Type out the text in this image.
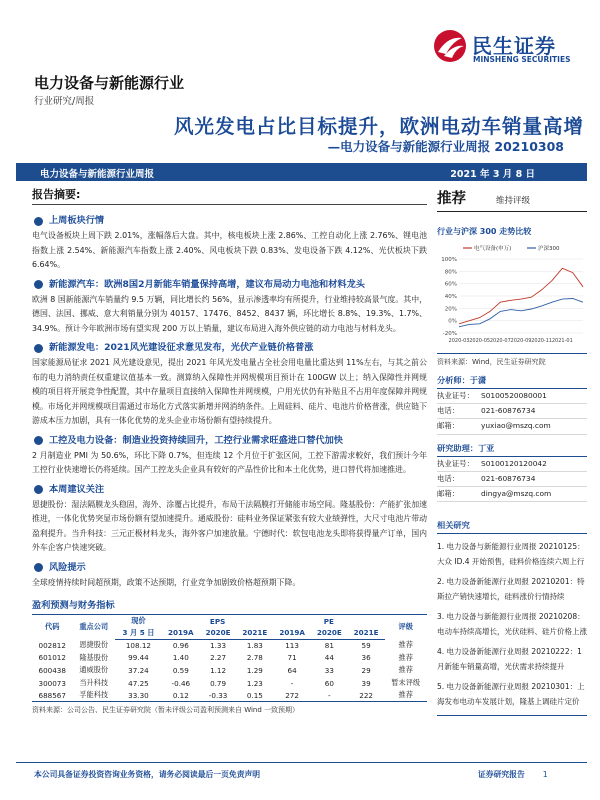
民生证券
MINSHENG SECURITIES
电力设备与新能源行业
行业研究/周报
风光发电占比目标提升，欧洲电动车销量高增
—电力设备与新能源行业周报 20210308
电力设备与新能源行业周报	2021 年 3 月 8 日
报告摘要:
上周板块行情
电气设备板块上周下跌 2.01%，涨幅落后大盘。其中，核电板块上涨 2.86%、工控自动化上涨 2.76%、锂电池指数上涨 2.54%、新能源汽车指数上涨 2.40%、风电板块下跌 0.83%、发电设备下跌 4.12%、光伏板块下跌 6.64%。
新能源汽车：欧洲8国2月新能车销量保持高增，建议布局动力电池和材料龙头
欧洲 8 国新能源汽车销量约 9.5 万辆，同比增长约 56%，显示渗透率均有所提升，行业维持较高景气度。其中，德国、法国、挪威、意大利销量分别为 40157、17476、8452、8437 辆，环比增长 8.8%、19.3%、1.7%、34.9%。预计今年欧洲市场有望实现 200 万以上销量，建议布局进入海外供应链的动力电池与材料龙头。
新能源发电：2021风光建设征求意见发布，光伏产业链价格普涨
国家能源局征求 2021 风光建设意见，提出 2021 年风光发电量占全社会用电量比重达到 11%左右，与其之前公布的电力消纳责任权重建议值基本一致。测算纳入保障性并网规模项目预计在 100GW 以上；纳入保障性并网规模的项目将开展竞争性配置，其中存量项目直接纳入保障性并网规模，户用光伏仍有补贴且不占用年度保障并网规模。市场化并网规模项目需通过市场化方式落实新增并网消纳条件。上周硅料、硅片、电池片价格普涨，供应链下游成本压力加剧，具有一体化优势的龙头企业市场份额有望持续提升。
工控及电力设备：制造业投资持续回升，工控行业需求旺盛进口替代加快
2 月制造业 PMI 为 50.6%，环比下降 0.7%，但连续 12 个月位于扩张区间，工控下游需求較好，我们预计今年工控行业快速增长仍将延续。国产工控龙头企业具有较好的产品性价比和本土化优势，进口替代将加速推进。
本周建议关注
恩捷股份：湿法隔膜龙头稳固，海外、涂覆占比提升，布局干法隔膜打开储能市场空间。隆基股份：产能扩张加速推进，一体化优势突显市场份额有望加速提升。通威股份：硅料业务保证紧张有较大业绩弹性，大尺寸电池片带动盈利提升。当升科技：三元正极材料龙头，海外客户加速放量。宁德时代：软包电池龙头即将获得量产订单，国内外车企客户快速突破。
风险提示
全球疫情持续时间超预期，政策不达预期，行业竞争加剧致价格超预期下降。
盈利预测与财务指标
代码	重点公司	现价	EPS			PE			评级
		3 月 5 日	2019A	2020E	2021E	2019A	2020E	2021E	
002812	恩捷股份	108.12	0.96	1.33	1.83	113	81	59	推荐
601012	隆基股份	99.44	1.40	2.27	2.78	71	44	36	推荐
600438	通威股份	37.24	0.59	1.12	1.29	64	33	29	推荐
300073	当升科技	47.25	-0.46	0.79	1.23	-	60	39	暂未评级
688567	孚能科技	33.30	0.12	-0.33	0.15	272	-	222	推荐
资料来源：公司公告、民生证券研究院（暂未评级公司盈利预测来自 Wind 一致预期）
推荐	维持评级
行业与沪深 300 走势比较
100%
80%
60%
40%
20%
0%
-20%
2020-03 2020-05 2020-07 2020-09 2020-11 2021-01
电气设备(申万)	沪深300
资料来源：Wind，民生证券研究院
分析师：于潇
执业证号： S0100520080001
电话：	021-60876734
邮箱：	yuxiao@mszq.com
研究助理：丁亚
执业证号： S0100120120042
电话：	021-60876734
邮箱：	dingya@mszq.com
相关研究
1. 电力设备与新能源行业周报 20210125：大众 ID.4 开始预售，硅料价格连续六周上行
2. 电力设备新能源行业周报 20210201：特斯拉产销快速增长，硅料涨价行情持续
3. 电力设备与新能源行业周报 20210208：电动车持续高增长，光伏硅料、硅片价格上涨
4. 电力设备新能源行业周报 20210222：1月新能车销量高增，光伏需求持续提升
5. 电力设备新能源行业周报 20210301：上海发布电动车发展计划，隆基上调硅片定价
本公司具备证券投资咨询业务资格，请务必阅读最后一页免责声明	证券研究报告 1
